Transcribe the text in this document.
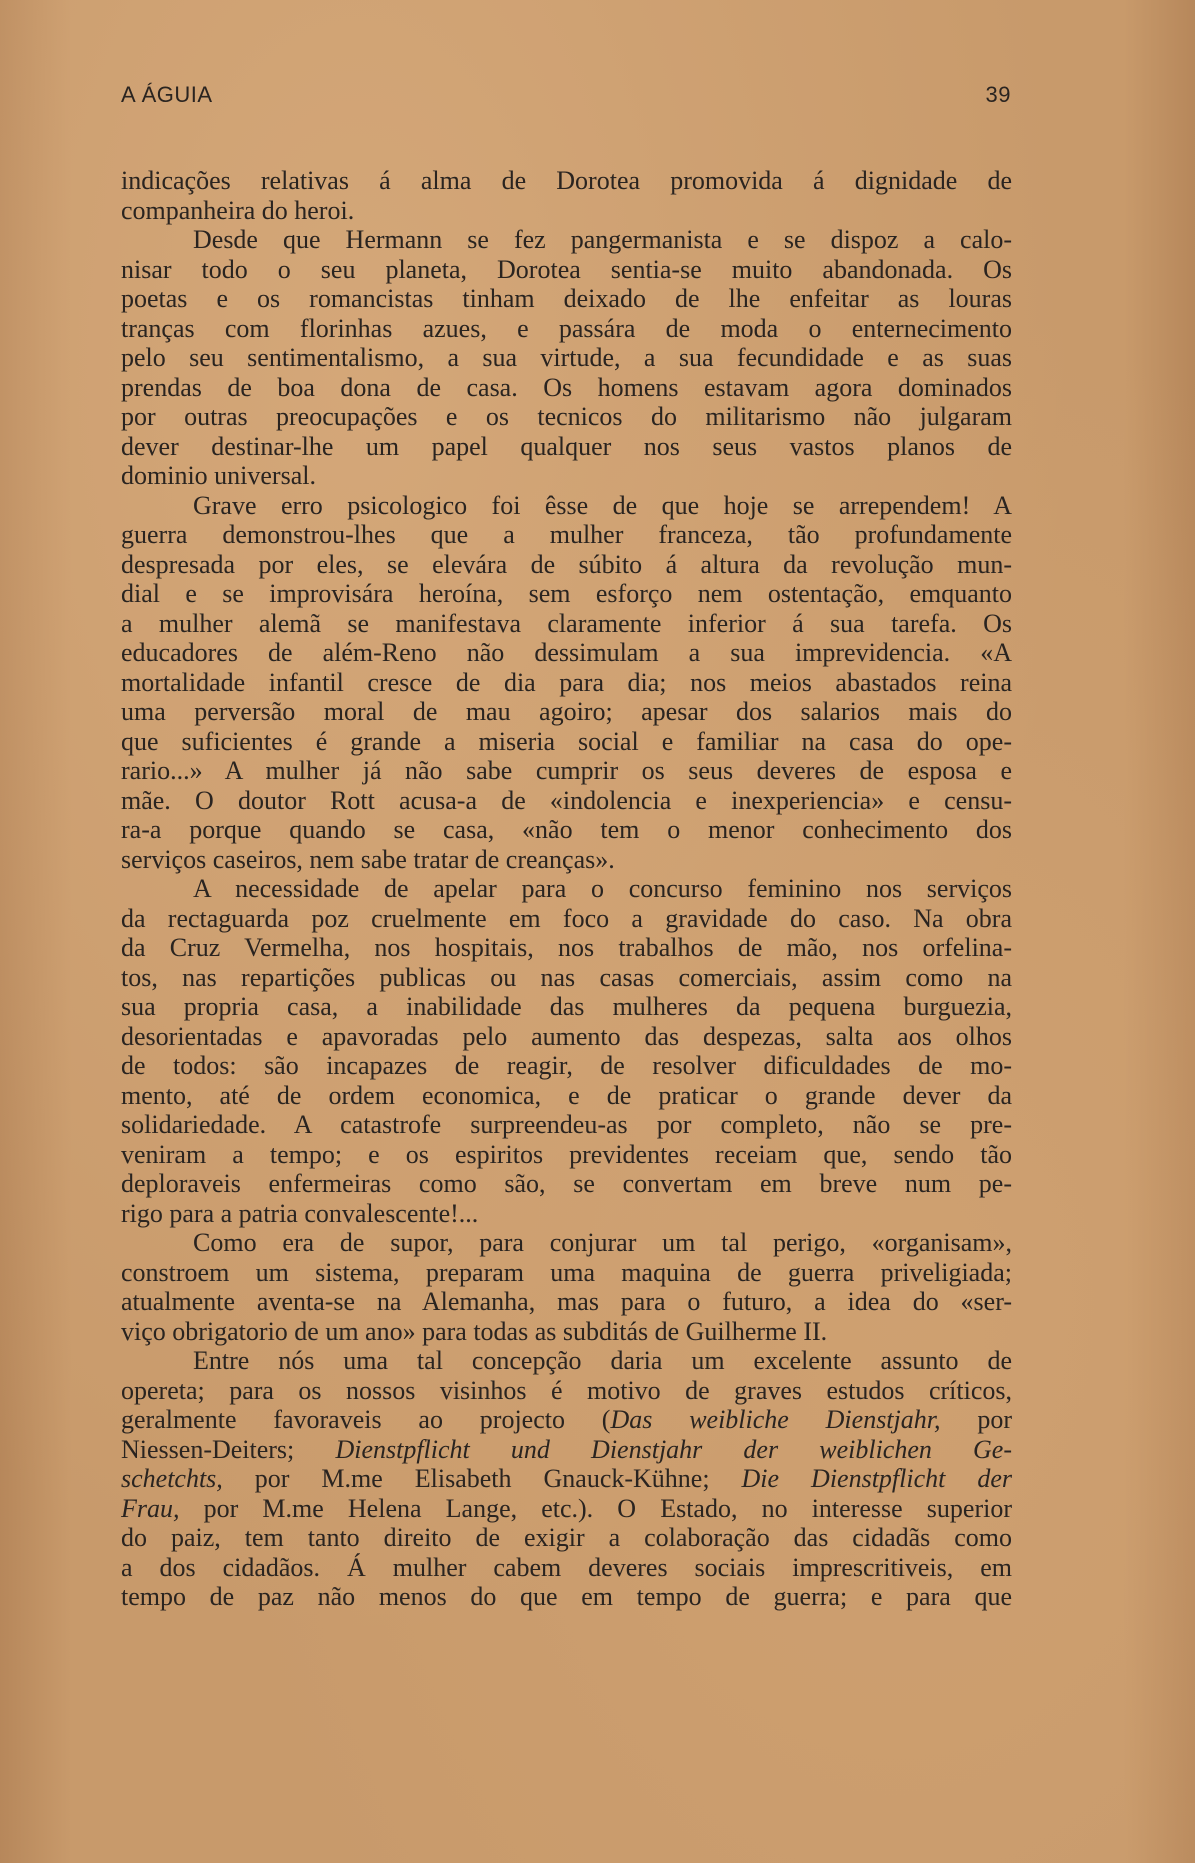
A ÁGUIA	39
indicações relativas á alma de Dorotea promovida á dignidade de
companheira do heroi.
Desde que Hermann se fez pangermanista e se dispoz a calo-
nisar todo o seu planeta, Dorotea sentia-se muito abandonada. Os
poetas e os romancistas tinham deixado de lhe enfeitar as louras
tranças com florinhas azues, e passára de moda o enternecimento
pelo seu sentimentalismo, a sua virtude, a sua fecundidade e as suas
prendas de boa dona de casa. Os homens estavam agora dominados
por outras preocupações e os tecnicos do militarismo não julgaram
dever destinar-lhe um papel qualquer nos seus vastos planos de
dominio universal.
Grave erro psicologico foi êsse de que hoje se arrependem! A
guerra demonstrou-lhes que a mulher franceza, tão profundamente
despresada por eles, se elevára de súbito á altura da revolução mun-
dial e se improvisára heroína, sem esforço nem ostentação, emquanto
a mulher alemã se manifestava claramente inferior á sua tarefa. Os
educadores de além-Reno não dessimulam a sua imprevidencia. «A
mortalidade infantil cresce de dia para dia; nos meios abastados reina
uma perversão moral de mau agoiro; apesar dos salarios mais do
que suficientes é grande a miseria social e familiar na casa do ope-
rario...» A mulher já não sabe cumprir os seus deveres de esposa e
mãe. O doutor Rott acusa-a de «indolencia e inexperiencia» e censu-
ra-a porque quando se casa, «não tem o menor conhecimento dos
serviços caseiros, nem sabe tratar de creanças».
A necessidade de apelar para o concurso feminino nos serviços
da rectaguarda poz cruelmente em foco a gravidade do caso. Na obra
da Cruz Vermelha, nos hospitais, nos trabalhos de mão, nos orfelina-
tos, nas repartições publicas ou nas casas comerciais, assim como na
sua propria casa, a inabilidade das mulheres da pequena burguezia,
desorientadas e apavoradas pelo aumento das despezas, salta aos olhos
de todos: são incapazes de reagir, de resolver dificuldades de mo-
mento, até de ordem economica, e de praticar o grande dever da
solidariedade. A catastrofe surpreendeu-as por completo, não se pre-
veniram a tempo; e os espiritos previdentes receiam que, sendo tão
deploraveis enfermeiras como são, se convertam em breve num pe-
rigo para a patria convalescente!...
Como era de supor, para conjurar um tal perigo, «organisam»,
constroem um sistema, preparam uma maquina de guerra priveligiada;
atualmente aventa-se na Alemanha, mas para o futuro, a idea do «ser-
viço obrigatorio de um ano» para todas as subditás de Guilherme II.
Entre nós uma tal concepção daria um excelente assunto de
opereta; para os nossos visinhos é motivo de graves estudos críticos,
geralmente favoraveis ao projecto (Das weibliche Dienstjahr, por
Niessen-Deiters; Dienstpflicht und Dienstjahr der weiblichen Ge-
schetchts, por M.me Elisabeth Gnauck-Kühne; Die Dienstpflicht der
Frau, por M.me Helena Lange, etc.). O Estado, no interesse superior
do paiz, tem tanto direito de exigir a colaboração das cidadãs como
a dos cidadãos. Á mulher cabem deveres sociais imprescritiveis, em
tempo de paz não menos do que em tempo de guerra; e para que
